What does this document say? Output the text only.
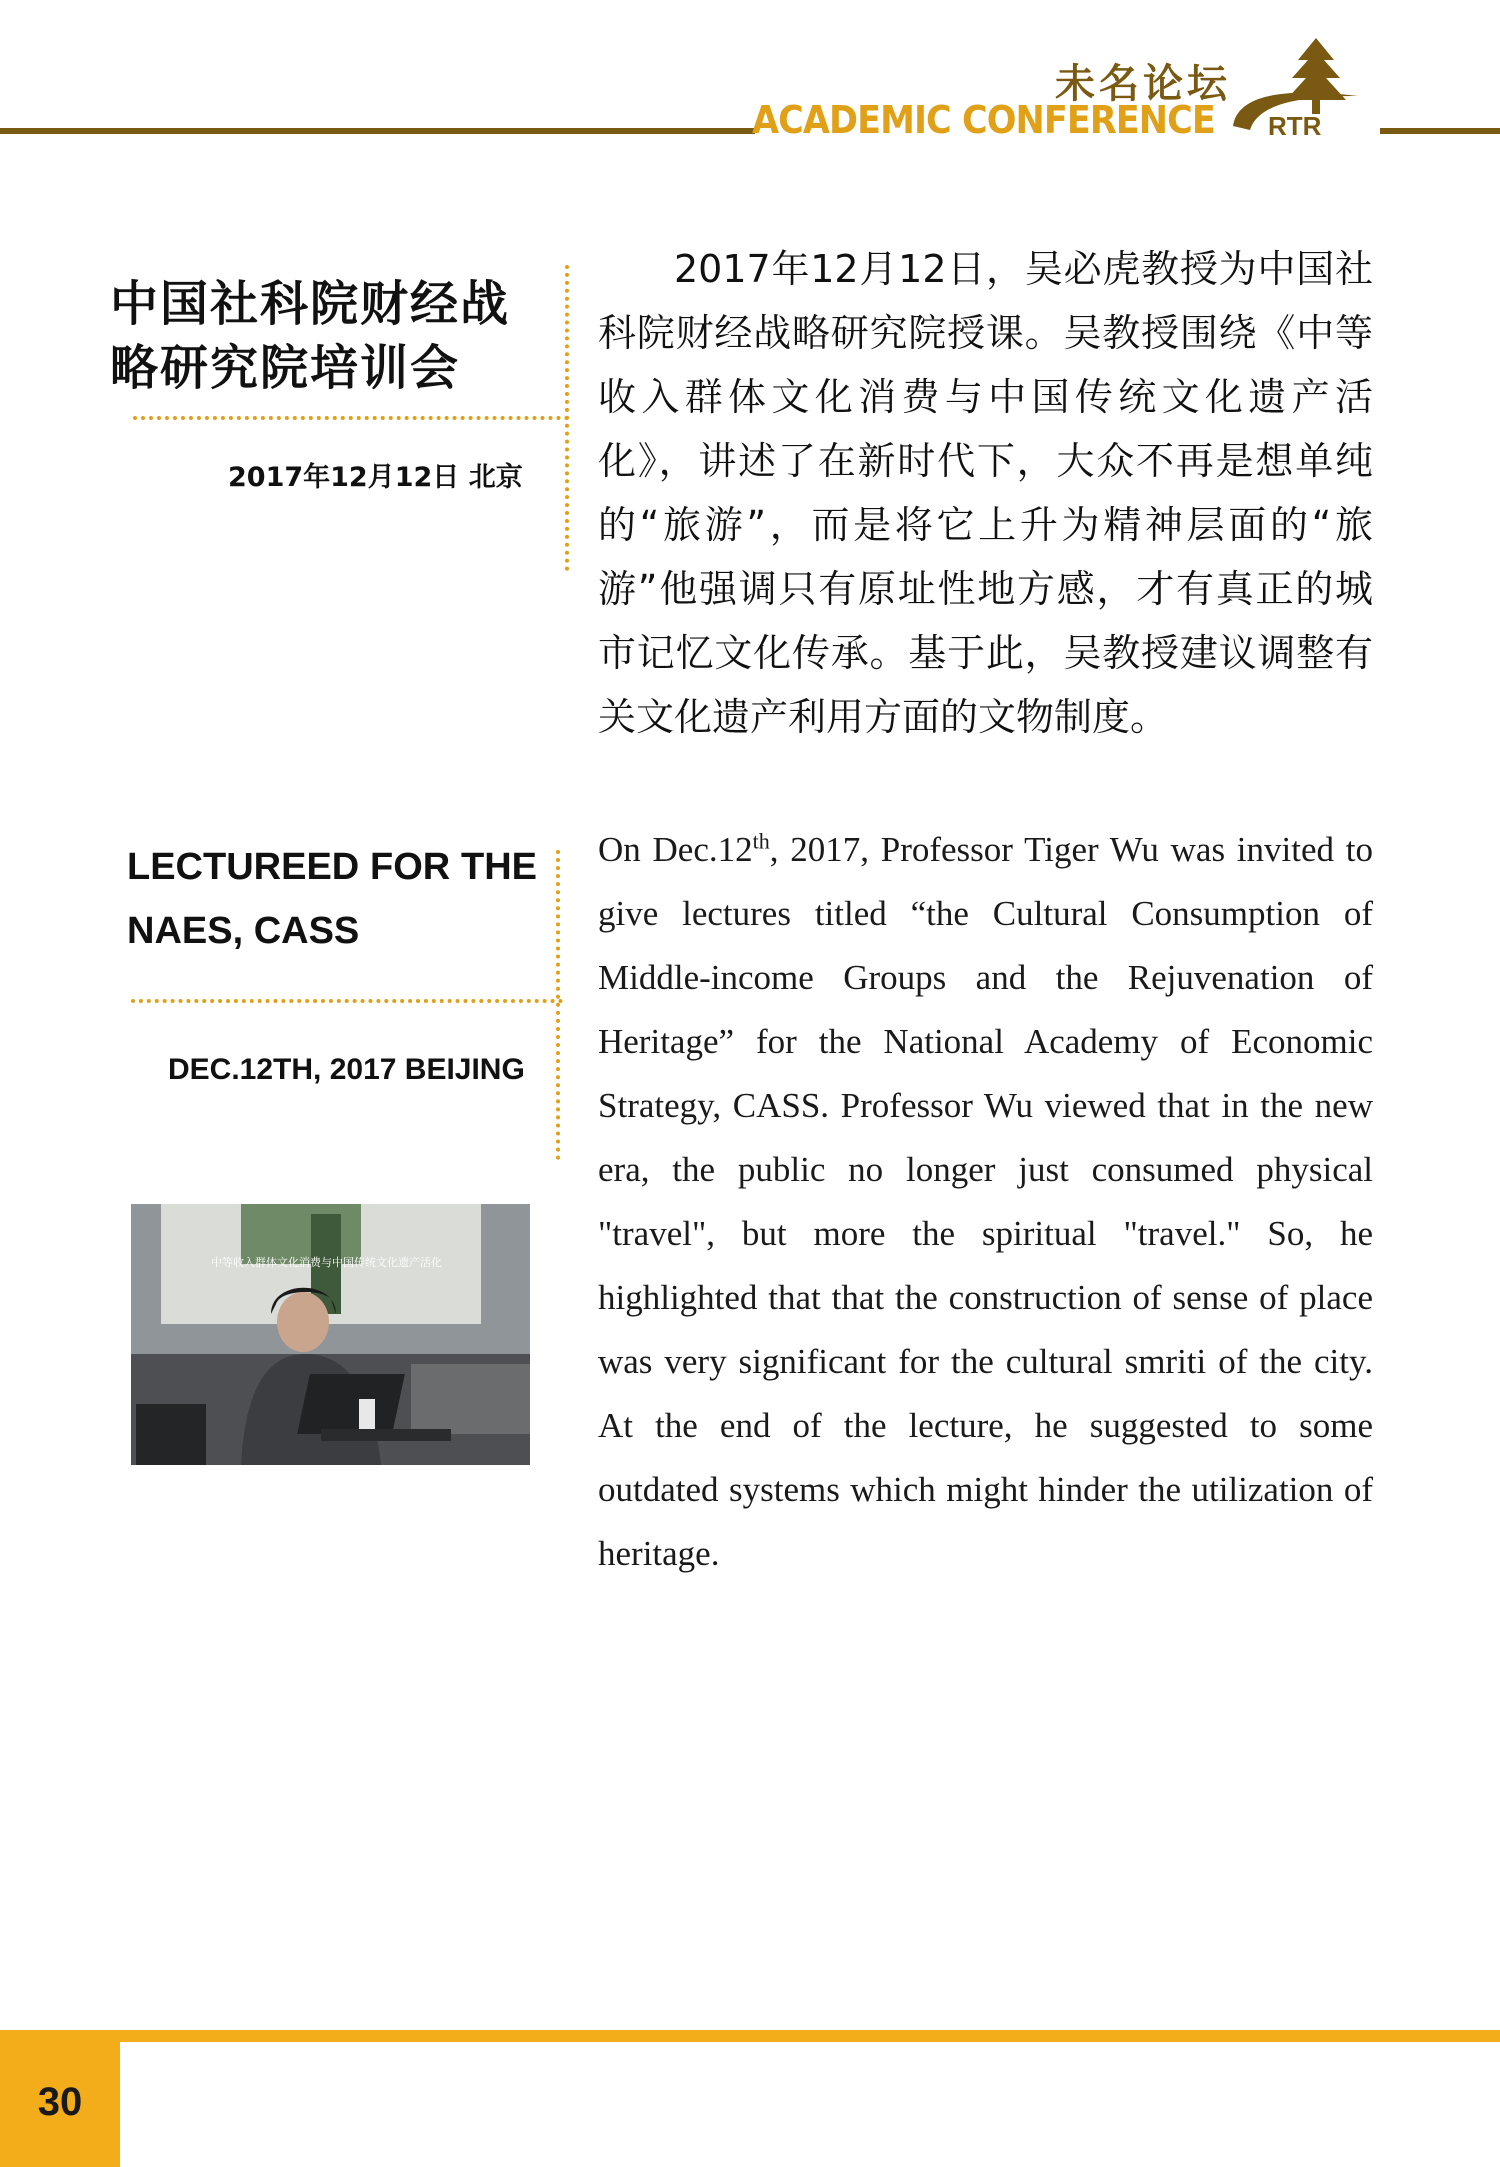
未名论坛
ACADEMIC CONFERENCE RTR
中国社科院财经战略研究院培训会
2017年12月12日 北京
LECTUREED FOR THE
NAES, CASS
DEC.12TH, 2017 BEIJING
中等收入群体文化消费与中国传统文化遗产活化
2017年12月12日，吴必虎教授为中国社科院财经战略研究院授课。吴教授围绕《中等收入群体文化消费与中国传统文化遗产活化》，讲述了在新时代下，大众不再是想单纯的“旅游”，而是将它上升为精神层面的“旅游”他强调只有原址性地方感，才有真正的城市记忆文化传承。基于此，吴教授建议调整有关文化遗产利用方面的文物制度。
On Dec.12th, 2017, Professor Tiger Wu was invited to give lectures titled “the Cultural Consumption of Middle-income Groups and the Rejuvenation of Heritage” for the National Academy of Economic Strategy, CASS. Professor Wu viewed that in the new era, the public no longer just consumed physical "travel", but more the spiritual "travel." So, he highlighted that that the construction of sense of place was very significant for the cultural smriti of the city. At the end of the lecture, he suggested to some outdated systems which might hinder the utilization of heritage.
30
